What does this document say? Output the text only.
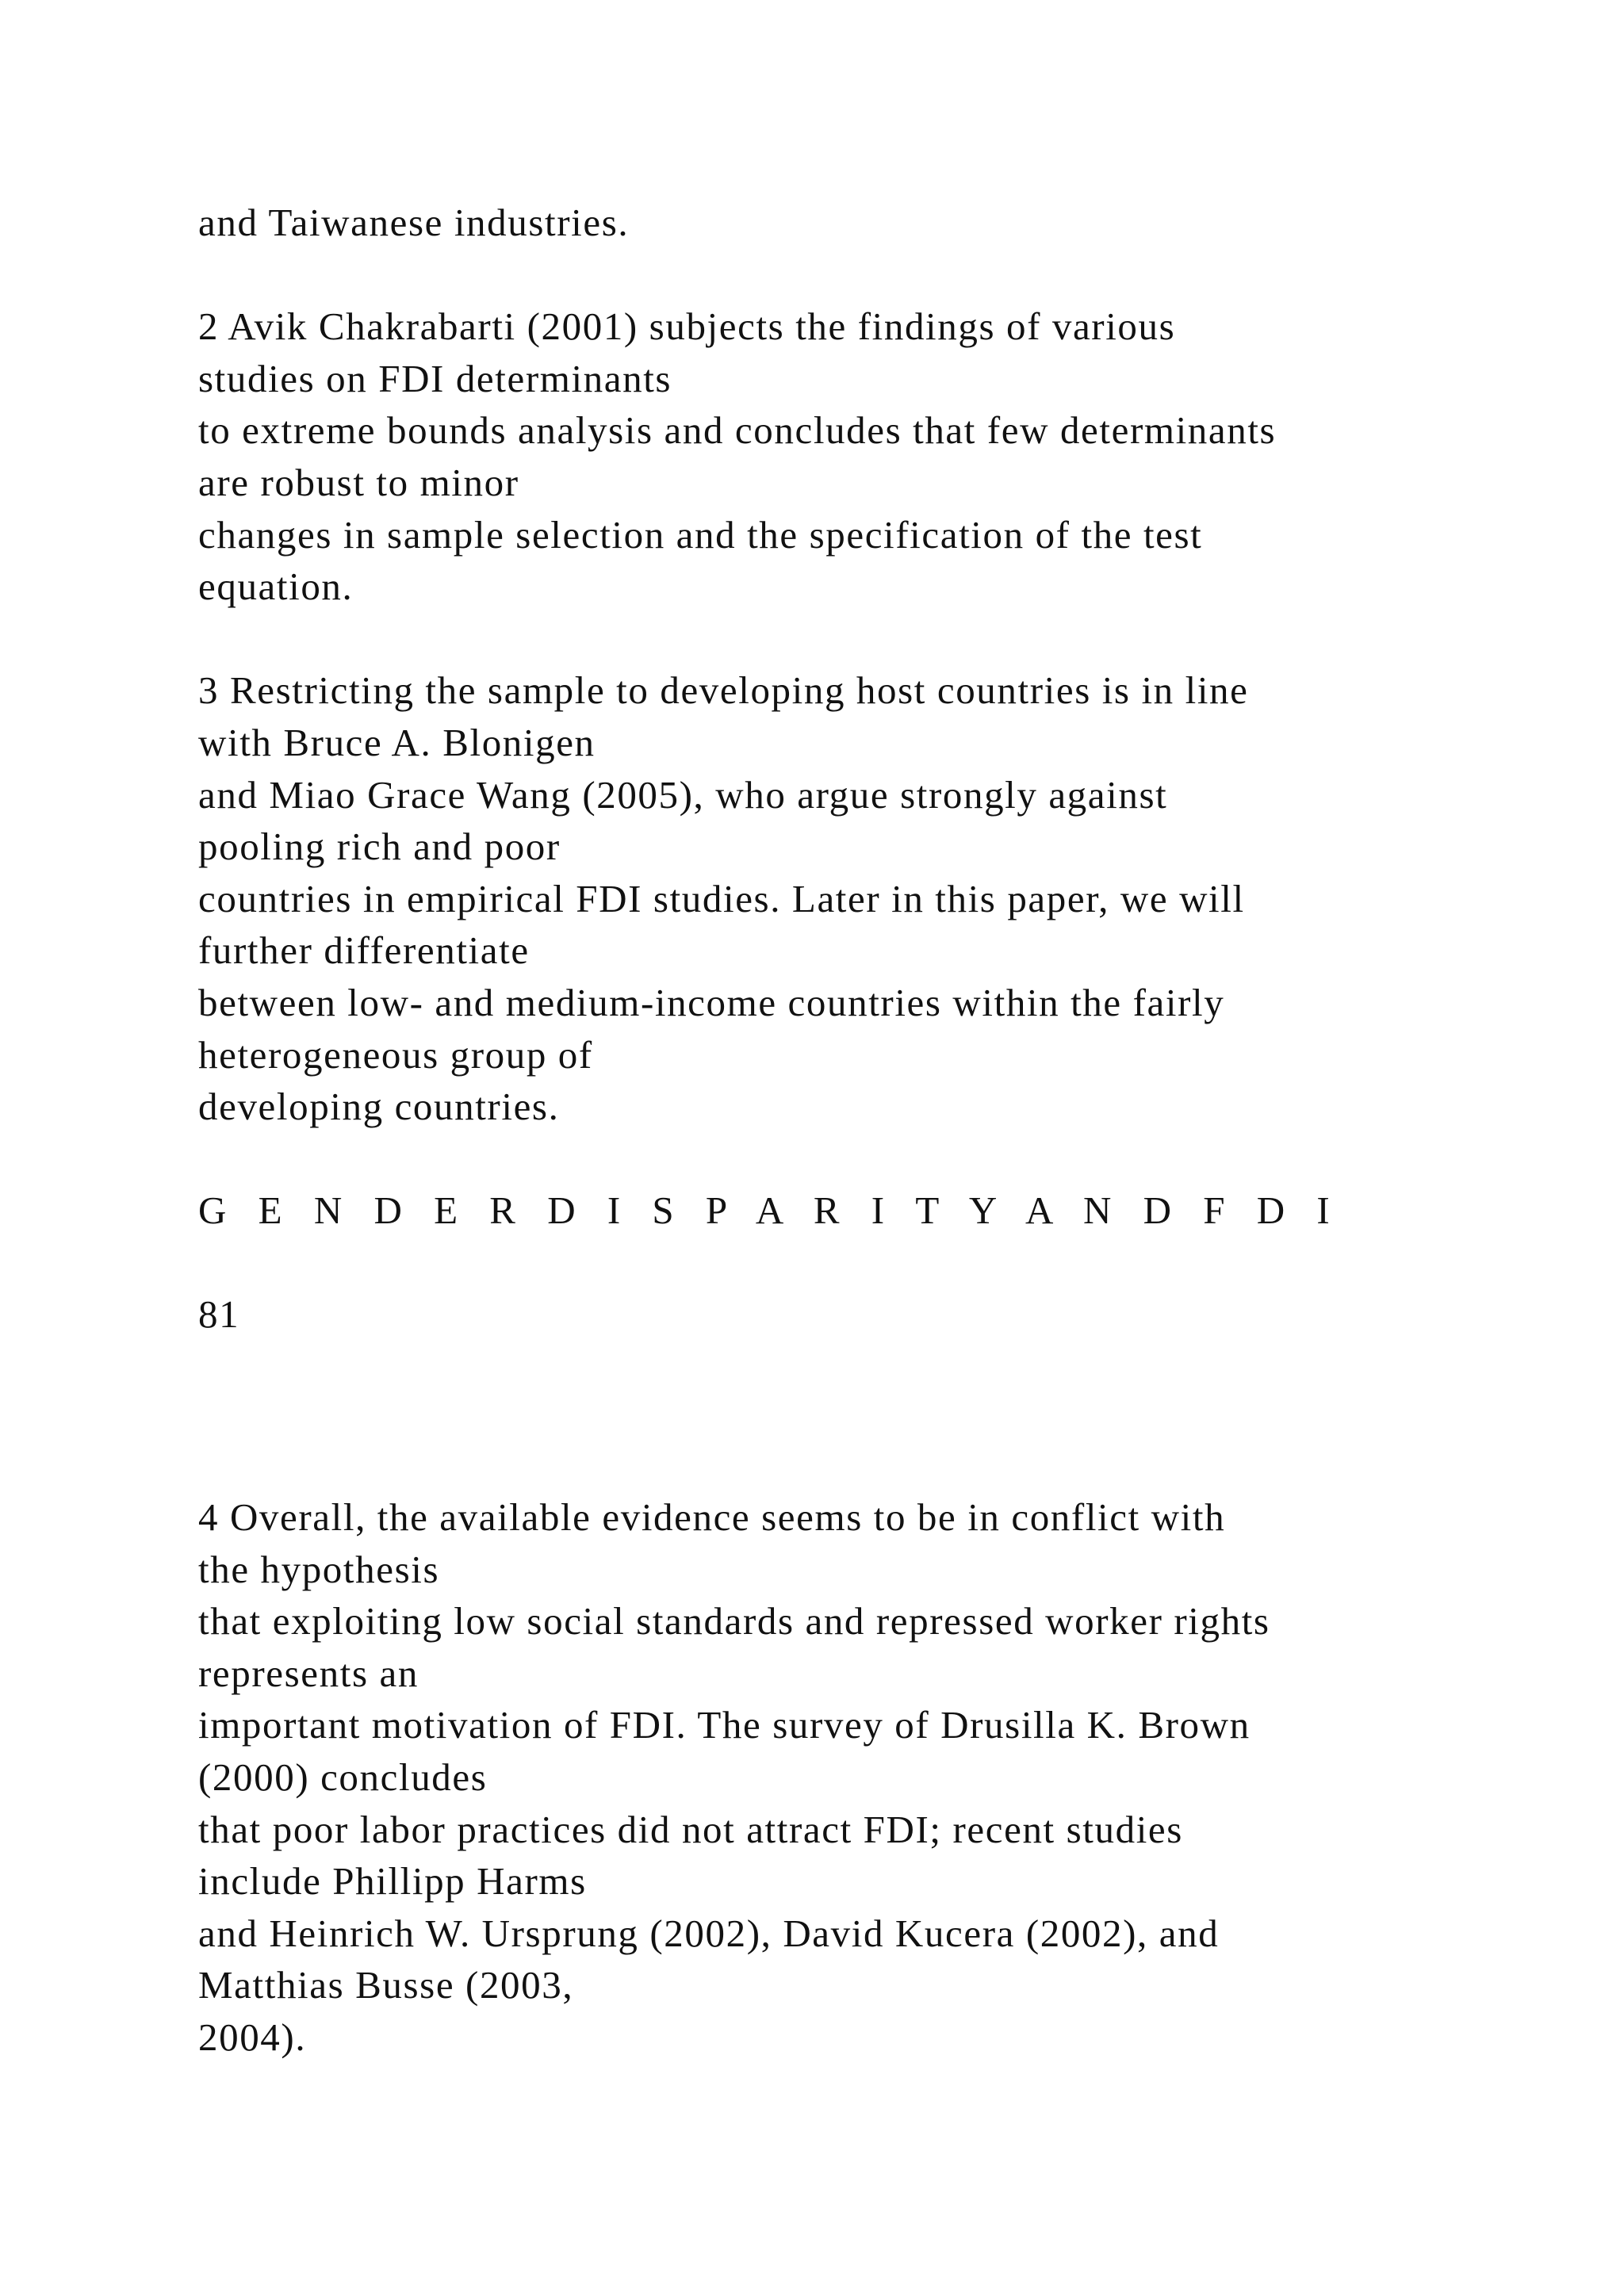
and Taiwanese industries.
2 Avik Chakrabarti (2001) subjects the findings of various
studies on FDI determinants
to extreme bounds analysis and concludes that few determinants
are robust to minor
changes in sample selection and the specification of the test
equation.
3 Restricting the sample to developing host countries is in line
with Bruce A. Blonigen
and Miao Grace Wang (2005), who argue strongly against
pooling rich and poor
countries in empirical FDI studies. Later in this paper, we will
further differentiate
between low- and medium-income countries within the fairly
heterogeneous group of
developing countries.
G E N D E R D I S P A R I T Y A N D F D I
81
4 Overall, the available evidence seems to be in conflict with
the hypothesis
that exploiting low social standards and repressed worker rights
represents an
important motivation of FDI. The survey of Drusilla K. Brown
(2000) concludes
that poor labor practices did not attract FDI; recent studies
include Phillipp Harms
and Heinrich W. Ursprung (2002), David Kucera (2002), and
Matthias Busse (2003,
2004).
